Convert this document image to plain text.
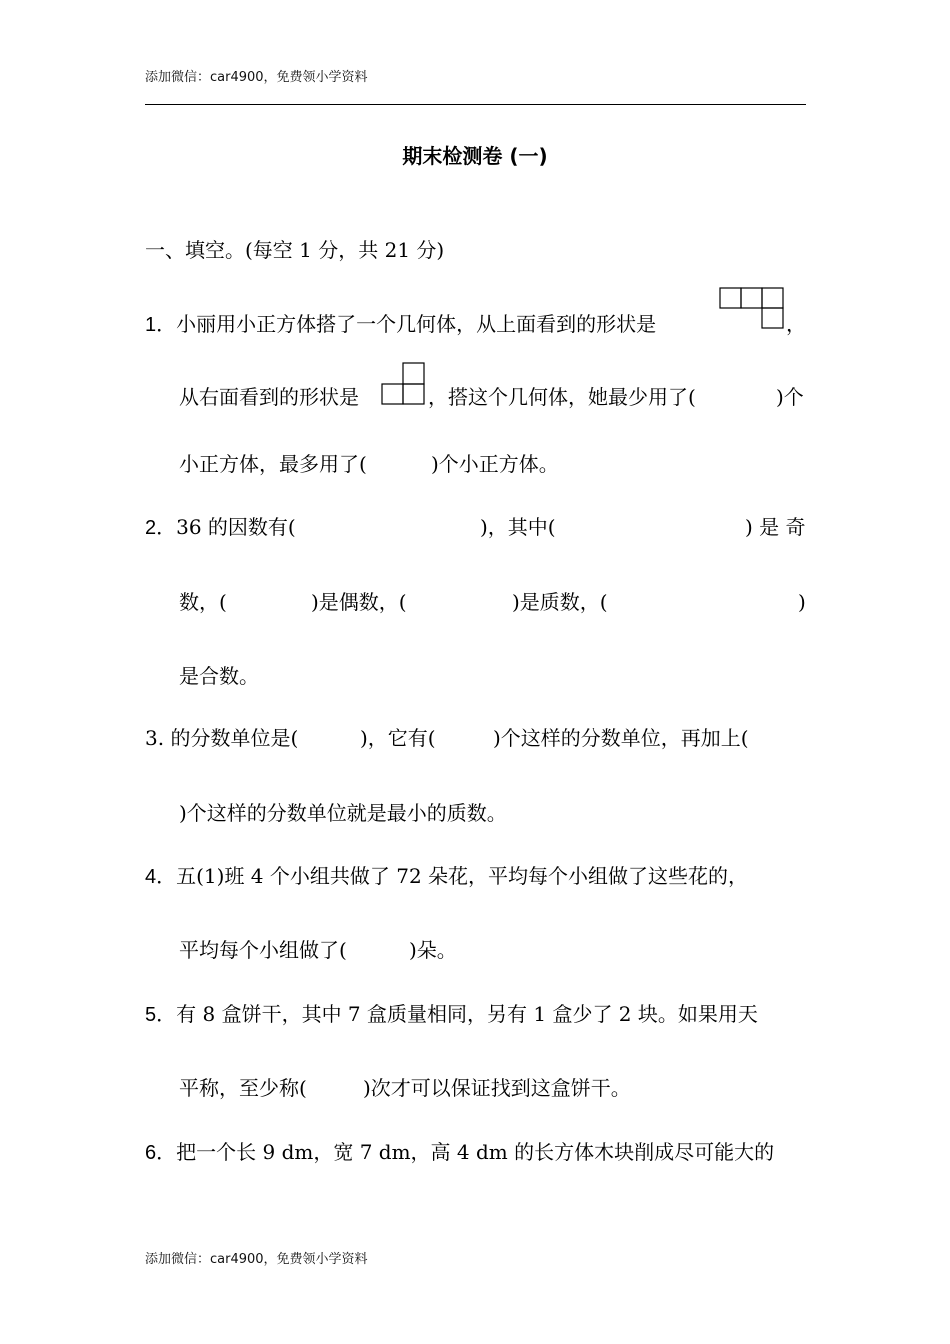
添加微信：car4900，免费领小学资料
期末检测卷 (一)
一、填空。(每空 1 分，共 21 分)
1．小丽用小正方体搭了一个几何体，从上面看到的形状是	，
从右面看到的形状是	，搭这个几何体，她最少用了(	)个
小正方体，最多用了(	)个小正方体。
2．36 的因数有(	)，其中(	) 是 奇
数，(	)是偶数，(	)是质数，(	)
是合数。
3. 的分数单位是(	)，它有(	)个这样的分数单位，再加上(
)个这样的分数单位就是最小的质数。
4．五(1)班 4 个小组共做了 72 朵花，平均每个小组做了这些花的，
平均每个小组做了(	)朵。
5．有 8 盒饼干，其中 7 盒质量相同，另有 1 盒少了 2 块。如果用天
平称，至少称(	)次才可以保证找到这盒饼干。
6．把一个长 9 dm，宽 7 dm，高 4 dm 的长方体木块削成尽可能大的
添加微信：car4900，免费领小学资料
